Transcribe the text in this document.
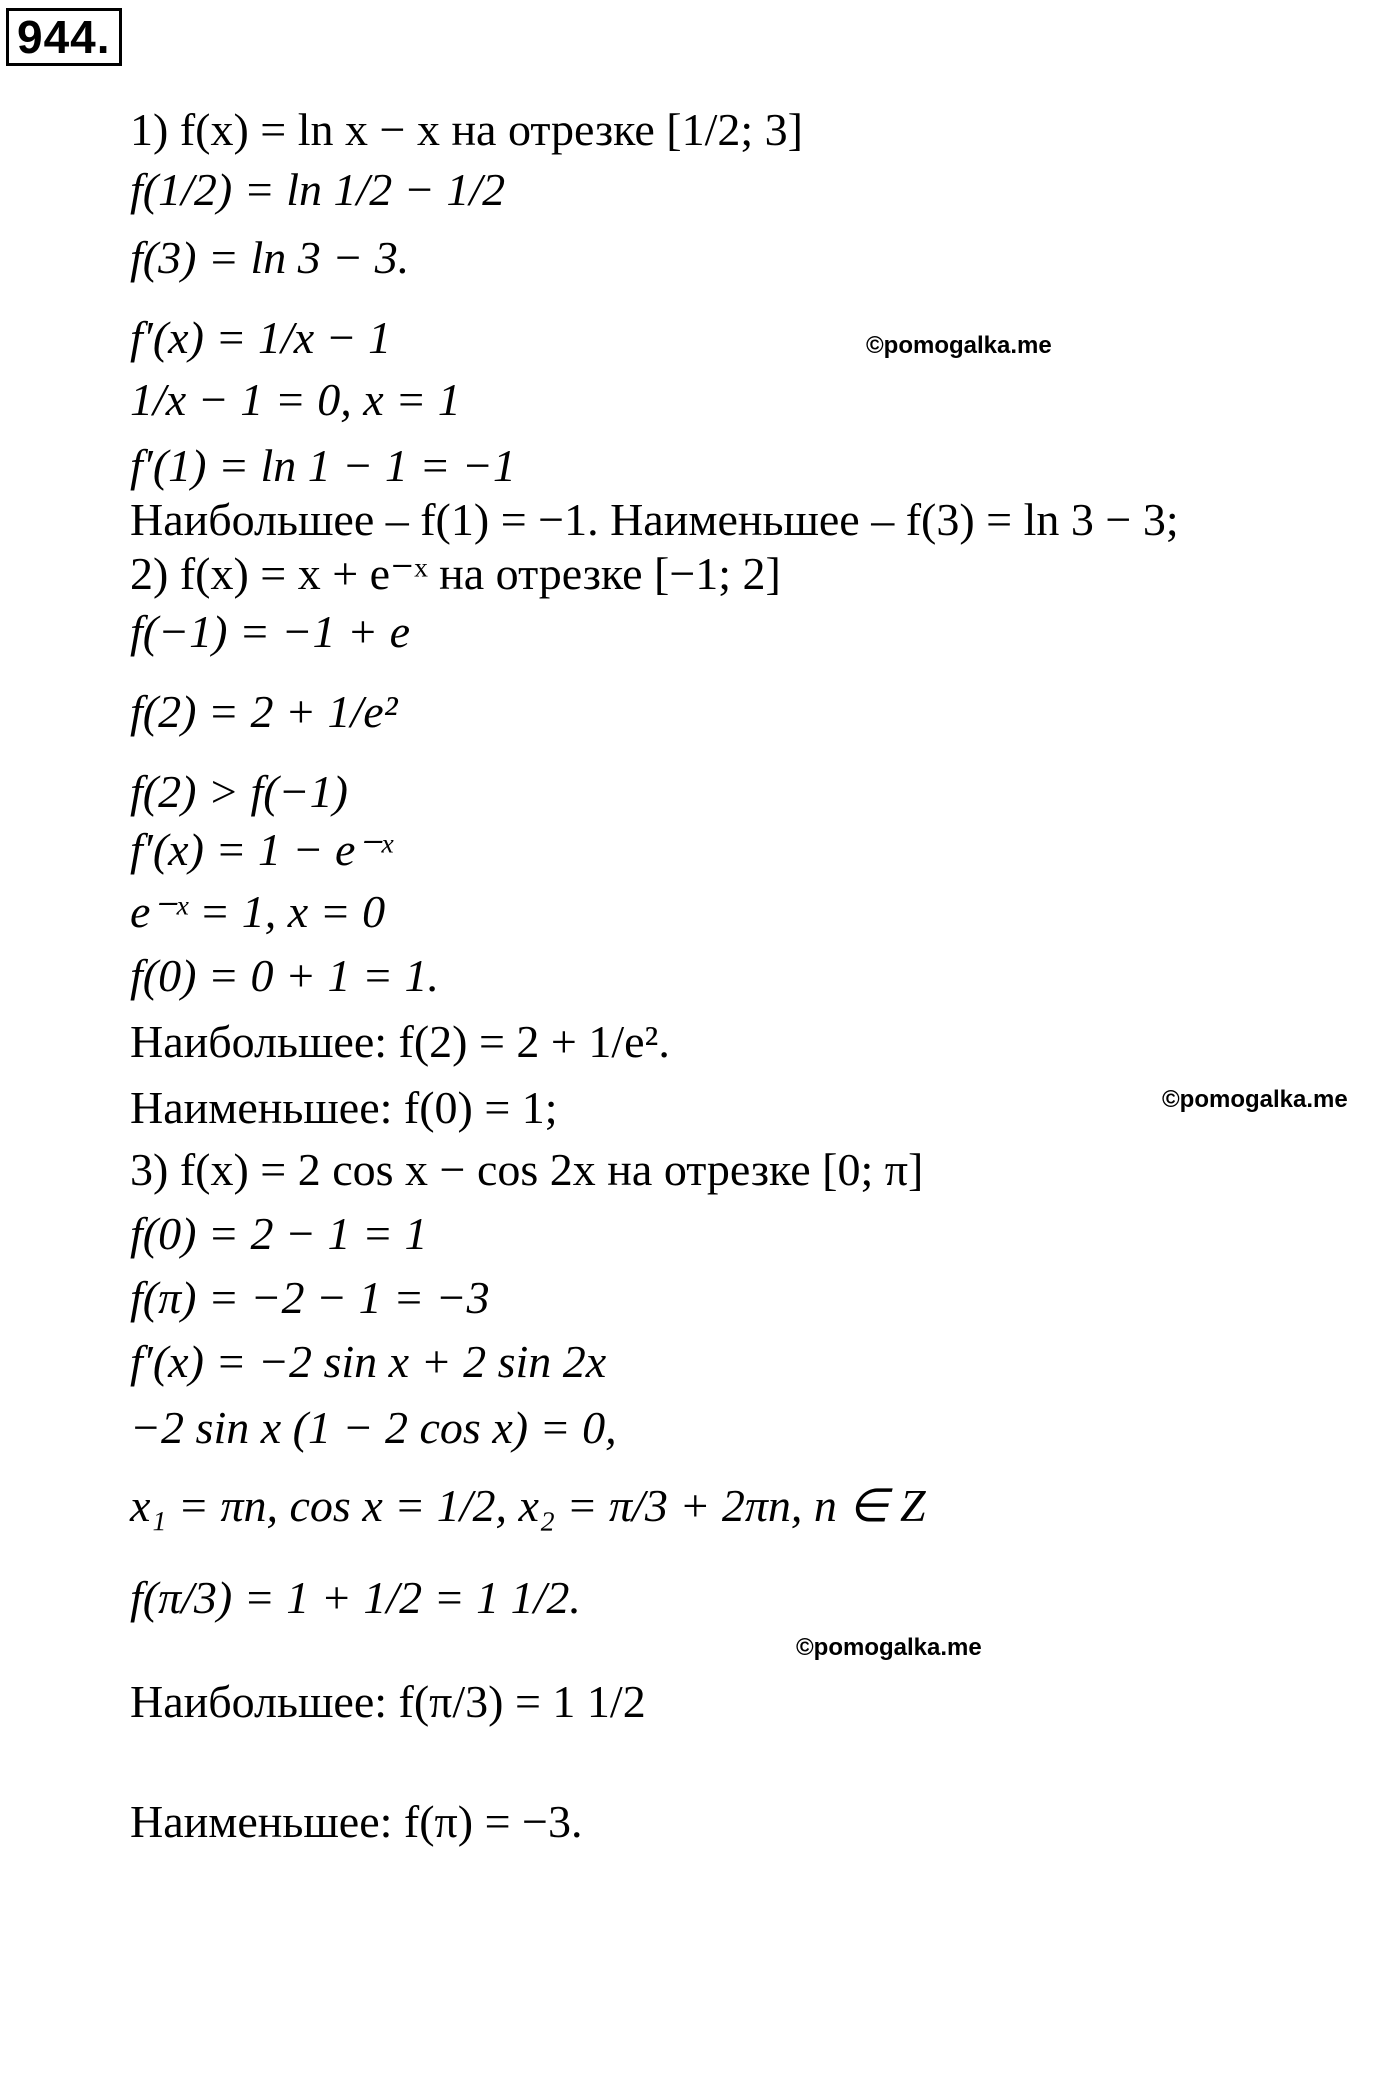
944.
1) f(x) = ln x − x на отрезке [1/2; 3]
f(1/2) = ln 1/2 − 1/2
f(3) = ln 3 − 3.
f′(x) = 1/x − 1
1/x − 1 = 0, x = 1
f′(1) = ln 1 − 1 = −1
Наибольшее – f(1) = −1. Наименьшее – f(3) = ln 3 − 3;
2) f(x) = x + e⁻ˣ на отрезке [−1; 2]
f(−1) = −1 + e
f(2) = 2 + 1/e²
f(2) > f(−1)
f′(x) = 1 − e⁻ˣ
e⁻ˣ = 1, x = 0
f(0) = 0 + 1 = 1.
Наибольшее: f(2) = 2 + 1/e².
Наименьшее: f(0) = 1;
3) f(x) = 2 cos x − cos 2x на отрезке [0; π]
f(0) = 2 − 1 = 1
f(π) = −2 − 1 = −3
f′(x) = −2 sin x + 2 sin 2x
−2 sin x (1 − 2 cos x) = 0,
x₁ = πn, cos x = 1/2, x₂ = π/3 + 2πn, n ∈ Z
f(π/3) = 1 + 1/2 = 1 1/2.
Наибольшее: f(π/3) = 1 1/2
Наименьшее: f(π) = −3.
©pomogalka.me
©pomogalka.me
©pomogalka.me
